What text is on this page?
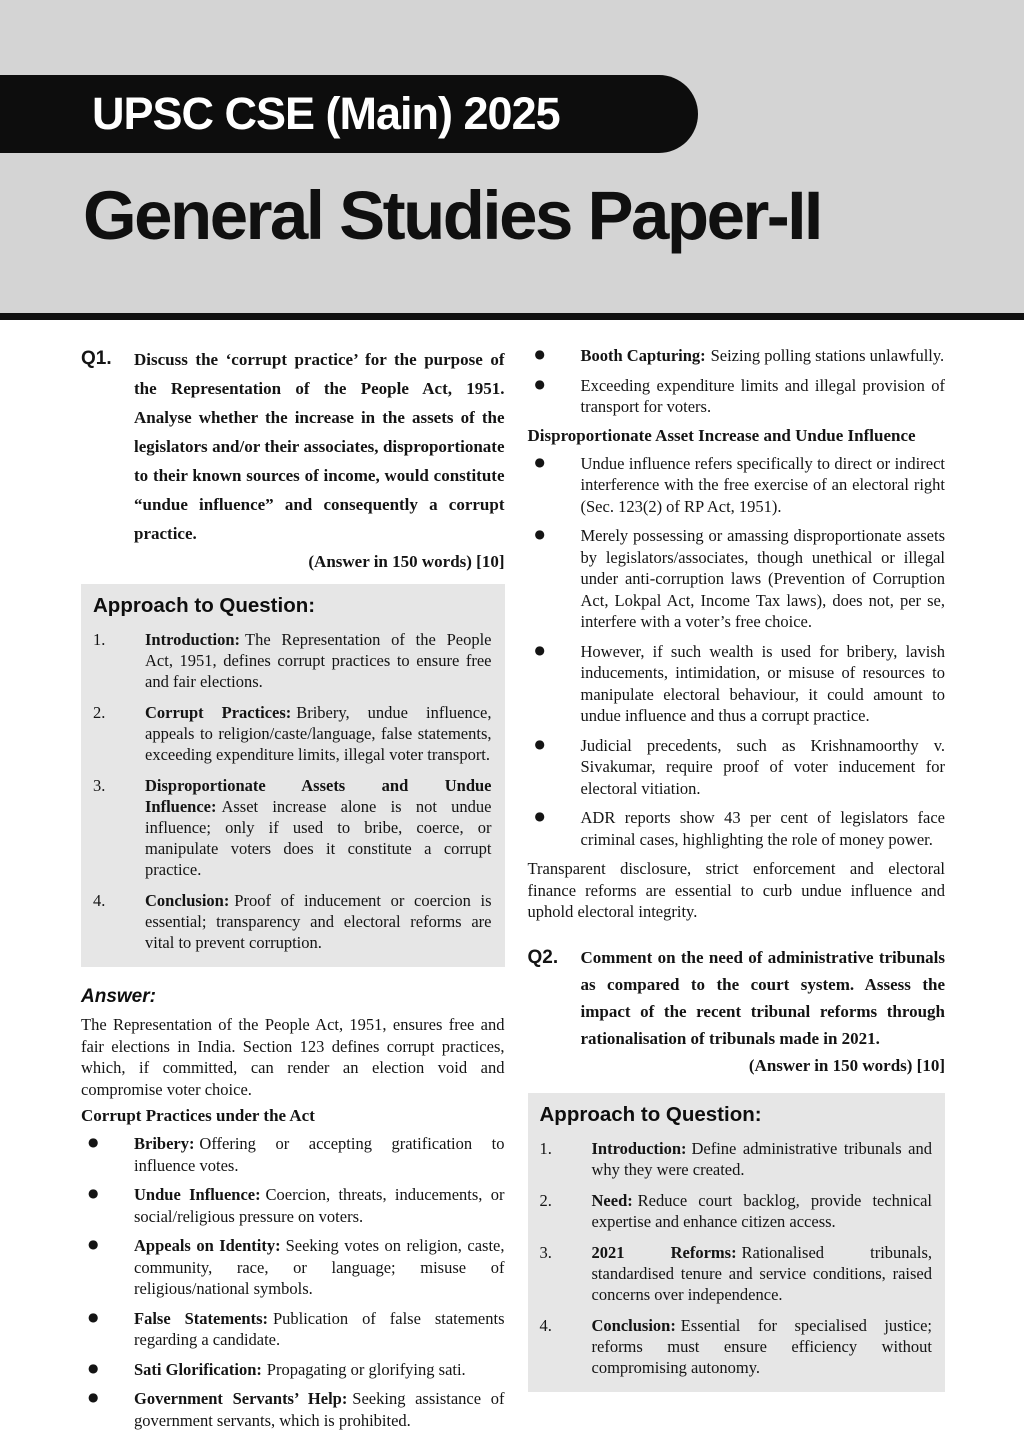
UPSC CSE (Main) 2025
General Studies Paper-II
Q1.	Discuss the ‘corrupt practice’ for the purpose of the Representation of the People Act, 1951. Analyse whether the increase in the assets of the legislators and/or their associates, disproportionate to their known sources of income, would constitute “undue influence” and consequently a corrupt practice.

(Answer in 150 words) [10]
Approach to Question:
1.	Introduction: The Representation of the People Act, 1951, defines corrupt practices to ensure free and fair elections.

2.	Corrupt Practices: Bribery, undue influence, appeals to religion/caste/language, false statements, exceeding expenditure limits, illegal voter transport.

3.	Disproportionate Assets and Undue Influence: Asset increase alone is not undue influence; only if used to bribe, coerce, or manipulate voters does it constitute a corrupt practice.

4.	Conclusion: Proof of inducement or coercion is essential; transparency and electoral reforms are vital to prevent corruption.

Answer:

The Representation of the People Act, 1951, ensures free and fair elections in India. Section 123 defines corrupt practices, which, if committed, can render an election void and compromise voter choice.

Corrupt Practices under the Act
●	Bribery: Offering or accepting gratification to influence votes.

●	Undue Influence: Coercion, threats, inducements, or social/religious pressure on voters.

●	Appeals on Identity: Seeking votes on religion, caste, community, race, or language; misuse of religious/national symbols.

●	False Statements: Publication of false statements regarding a candidate.

●	Sati Glorification: Propagating or glorifying sati.

●	Government Servants’ Help: Seeking assistance of government servants, which is prohibited.

●	Booth Capturing: Seizing polling stations unlawfully.

●	Exceeding expenditure limits and illegal provision of transport for voters.

Disproportionate Asset Increase and Undue Influence
●	Undue influence refers specifically to direct or indirect interference with the free exercise of an electoral right (Sec. 123(2) of RP Act, 1951).

●	Merely possessing or amassing disproportionate assets by legislators/associates, though unethical or illegal under anti-corruption laws (Prevention of Corruption Act, Lokpal Act, Income Tax laws), does not, per se, interfere with a voter’s free choice.

●	However, if such wealth is used for bribery, lavish inducements, intimidation, or misuse of resources to manipulate electoral behaviour, it could amount to undue influence and thus a corrupt practice.

●	Judicial precedents, such as Krishnamoorthy v. Sivakumar, require proof of voter inducement for electoral vitiation.

●	ADR reports show 43 per cent of legislators face criminal cases, highlighting the role of money power.

Transparent disclosure, strict enforcement and electoral finance reforms are essential to curb undue influence and uphold electoral integrity.

Q2.	Comment on the need of administrative tribunals as compared to the court system. Assess the impact of the recent tribunal reforms through rationalisation of tribunals made in 2021.
(Answer in 150 words) [10]

Approach to Question:
1.	Introduction: Define administrative tribunals and why they were created.

2.	Need: Reduce court backlog, provide technical expertise and enhance citizen access.

3.	2021 Reforms: Rationalised tribunals, standardised tenure and service conditions, raised concerns over independence.

4.	Conclusion: Essential for specialised justice; reforms must ensure efficiency without compromising autonomy.
